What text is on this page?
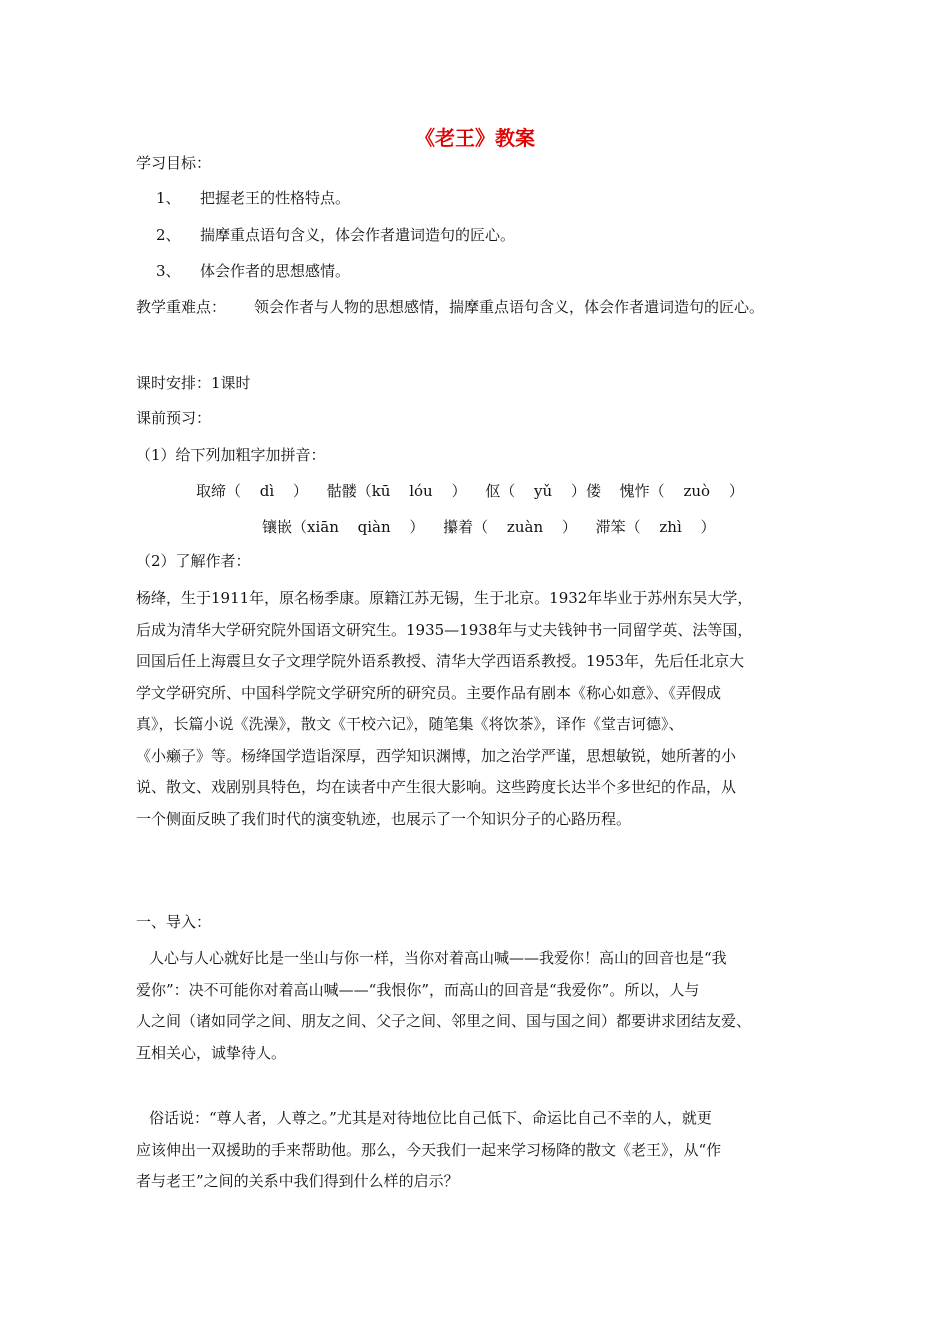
《老王》教案
学习目标：
1、 把握老王的性格特点。
2、 揣摩重点语句含义，体会作者遣词造句的匠心。
3、 体会作者的思想感情。
教学重难点： 领会作者与人物的思想感情，揣摩重点语句含义，体会作者遣词造句的匠心。
课时安排：1课时
课前预习：
（1）给下列加粗字加拼音：
取缔（ dì ） 骷髅（kū lóu ） 伛（ yǔ ）偻 愧怍（ zuò ）
镶嵌（xiān qiàn ） 攥着（ zuàn ） 滞笨（ zhì ）
（2）了解作者：
杨绛，生于1911年，原名杨季康。原籍江苏无锡，生于北京。1932年毕业于苏州东吴大学，
后成为清华大学研究院外国语文研究生。1935—1938年与丈夫钱钟书一同留学英、法等国，
回国后任上海震旦女子文理学院外语系教授、清华大学西语系教授。1953年，先后任北京大
学文学研究所、中国科学院文学研究所的研究员。主要作品有剧本《称心如意》、《弄假成
真》，长篇小说《洗澡》，散文《干校六记》，随笔集《将饮茶》，译作《堂吉诃德》、
《小癞子》等。杨绛国学造诣深厚，西学知识渊博，加之治学严谨，思想敏锐，她所著的小
说、散文、戏剧别具特色，均在读者中产生很大影响。这些跨度长达半个多世纪的作品，从
一个侧面反映了我们时代的演变轨迹，也展示了一个知识分子的心路历程。
一、导入：
人心与人心就好比是一坐山与你一样，当你对着高山喊——我爱你！高山的回音也是“我
爱你”：决不可能你对着高山喊——“我恨你”，而高山的回音是“我爱你”。所以，人与
人之间（诸如同学之间、朋友之间、父子之间、邻里之间、国与国之间）都要讲求团结友爱、
互相关心，诚挚待人。
俗话说：“尊人者，人尊之。”尤其是对待地位比自己低下、命运比自己不幸的人，就更
应该伸出一双援助的手来帮助他。那么，今天我们一起来学习杨降的散文《老王》，从“作
者与老王”之间的关系中我们得到什么样的启示？
